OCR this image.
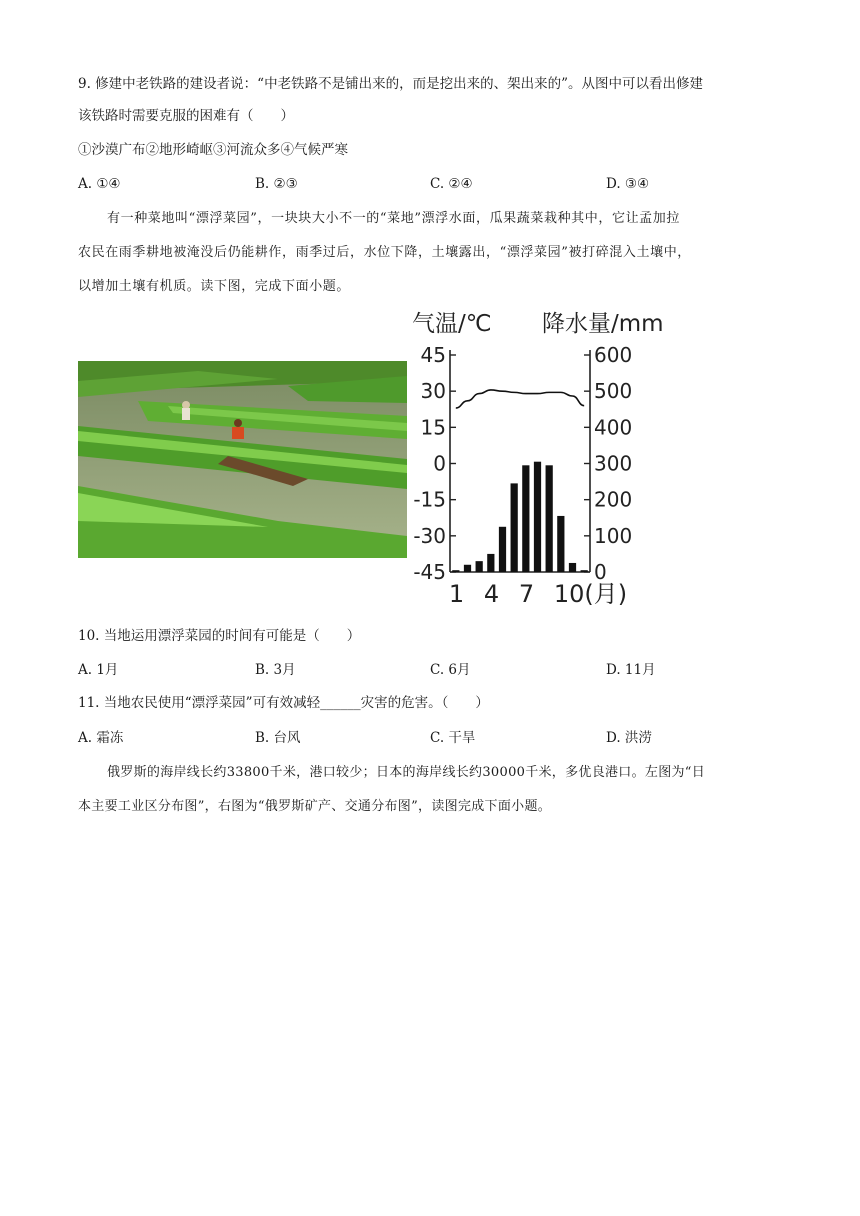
9. 修建中老铁路的建设者说：“中老铁路不是铺出来的，而是挖出来的、架出来的”。从图中可以看出修建
该铁路时需要克服的困难有（　　）
①沙漠广布②地形崎岖③河流众多④气候严寒
A. ①④	B. ②③	C. ②④	D. ③④
有一种菜地叫“漂浮菜园”，一块块大小不一的“菜地”漂浮水面，瓜果蔬菜栽种其中，它让孟加拉
农民在雨季耕地被淹没后仍能耕作，雨季过后，水位下降，土壤露出，“漂浮菜园”被打碎混入土壤中，
以增加土壤有机质。读下图，完成下面小题。
气温/℃ 降水量/mm
45
30
15
0
-15
-30
-45
600
500
400
300
200
100
0
1 4 7 10(月)
10. 当地运用漂浮菜园的时间有可能是（　　）
A. 1月	B. 3月	C. 6月	D. 11月
11. 当地农民使用“漂浮菜园”可有效减轻______灾害的危害。（　　）
A. 霜冻	B. 台风	C. 干旱	D. 洪涝
俄罗斯的海岸线长约33800千米，港口较少；日本的海岸线长约30000千米，多优良港口。左图为“日
本主要工业区分布图”，右图为“俄罗斯矿产、交通分布图”，读图完成下面小题。
